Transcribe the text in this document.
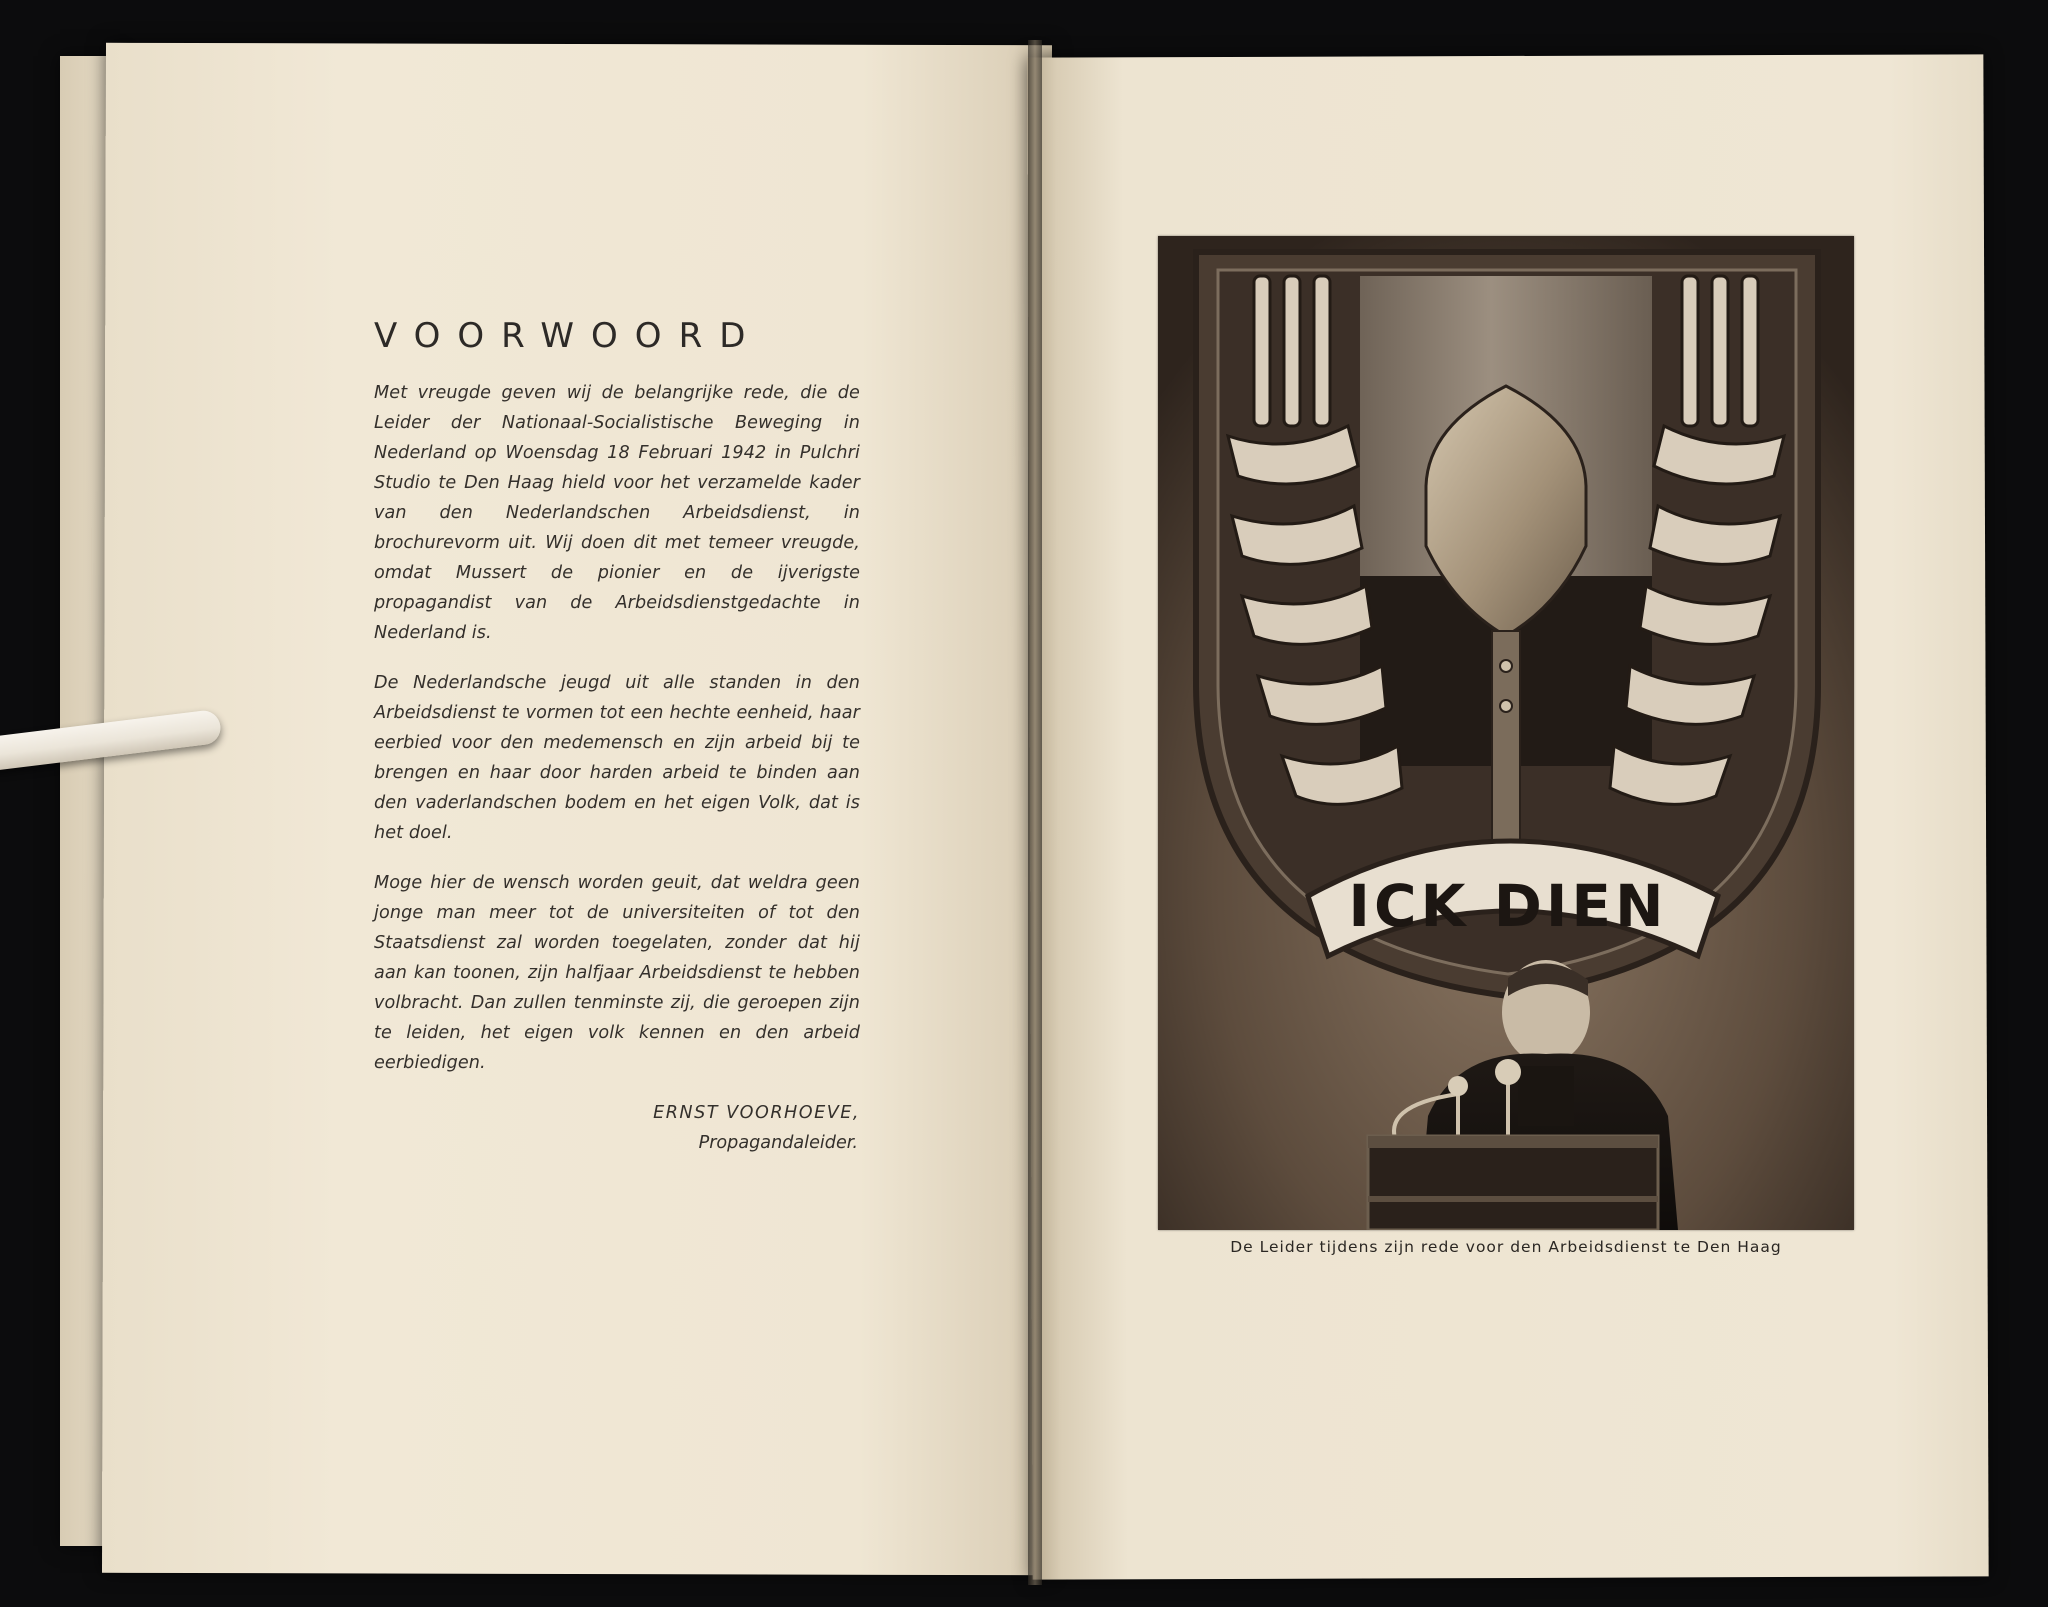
VOORWOORD

Met vreugde geven wij de belangrijke rede, die de Leider der Nationaal-Socialistische Beweging in Nederland op Woensdag 18 Februari 1942 in Pulchri Studio te Den Haag hield voor het verzamelde kader van den Nederlandschen Arbeidsdienst, in brochurevorm uit. Wij doen dit met temeer vreugde, omdat Mussert de pionier en de ijverigste propagandist van de Arbeidsdienstgedachte in Nederland is.

De Nederlandsche jeugd uit alle standen in den Arbeidsdienst te vormen tot een hechte eenheid, haar eerbied voor den medemensch en zijn arbeid bij te brengen en haar door harden arbeid te binden aan den vaderlandschen bodem en het eigen Volk, dat is het doel.

Moge hier de wensch worden geuit, dat weldra geen jonge man meer tot de universiteiten of tot den Staatsdienst zal worden toegelaten, zonder dat hij aan kan toonen, zijn halfjaar Arbeidsdienst te hebben volbracht. Dan zullen tenminste zij, die geroepen zijn te leiden, het eigen volk kennen en den arbeid eerbiedigen.

ERNST VOORHOEVE,
Propagandaleider.
ICK DIEN
De Leider tijdens zijn rede voor den Arbeidsdienst te Den Haag
